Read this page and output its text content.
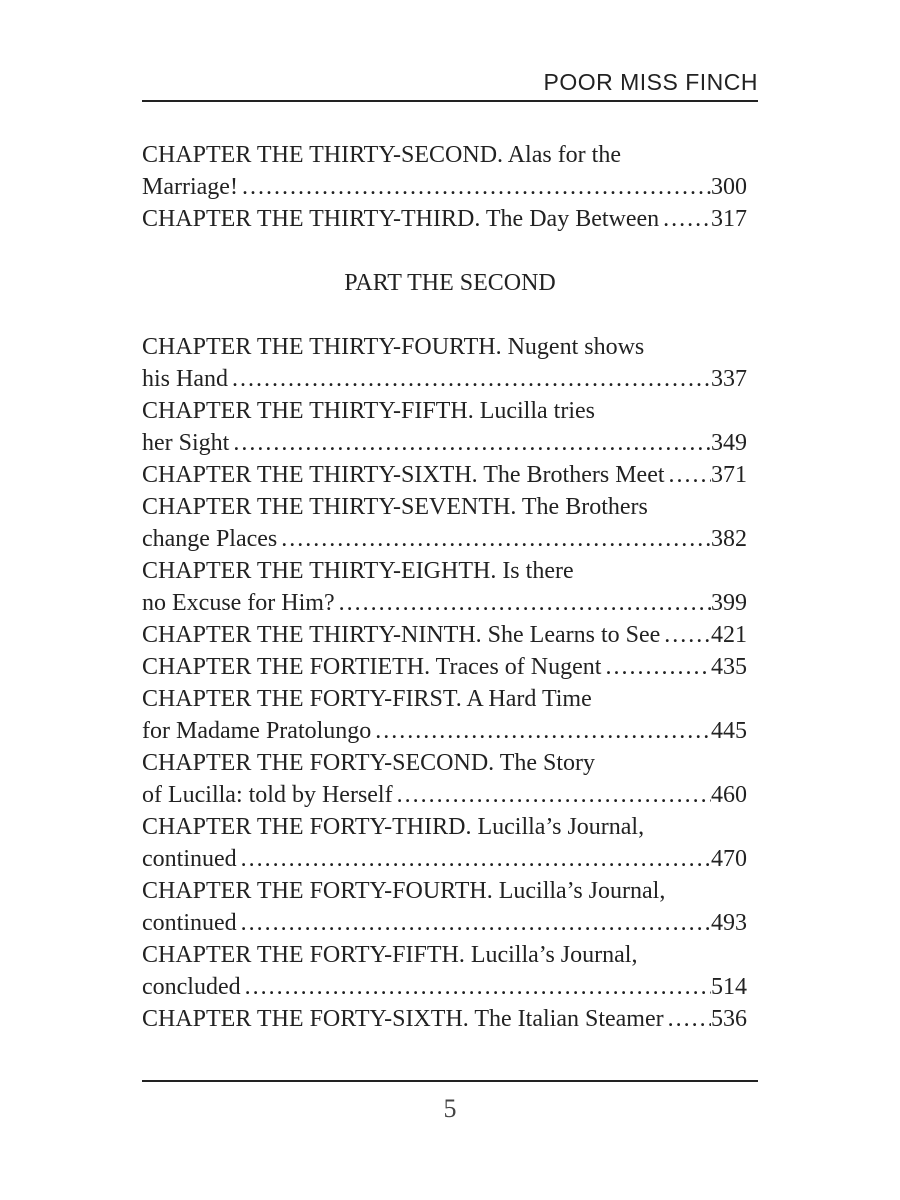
POOR MISS FINCH
CHAPTER THE THIRTY-SECOND. Alas for the
Marriage! .....	300
CHAPTER THE THIRTY-THIRD. The Day Between ..... 317
PART THE SECOND
CHAPTER THE THIRTY-FOURTH. Nugent shows
his Hand .....	337
CHAPTER THE THIRTY-FIFTH. Lucilla tries
her Sight .....	349
CHAPTER THE THIRTY-SIXTH. The Brothers Meet ..... 371
CHAPTER THE THIRTY-SEVENTH. The Brothers
change Places .....	382
CHAPTER THE THIRTY-EIGHTH. Is there
no Excuse for Him? .....	399
CHAPTER THE THIRTY-NINTH. She Learns to See ..... 421
CHAPTER THE FORTIETH. Traces of Nugent .....	435
CHAPTER THE FORTY-FIRST. A Hard Time
for Madame Pratolungo .....	445
CHAPTER THE FORTY-SECOND. The Story
of Lucilla: told by Herself .....	460
CHAPTER THE FORTY-THIRD. Lucilla’s Journal,
continued .....	470
CHAPTER THE FORTY-FOURTH. Lucilla’s Journal,
continued .....	493
CHAPTER THE FORTY-FIFTH. Lucilla’s Journal,
concluded .....	514
CHAPTER THE FORTY-SIXTH. The Italian Steamer ..... 536
5
